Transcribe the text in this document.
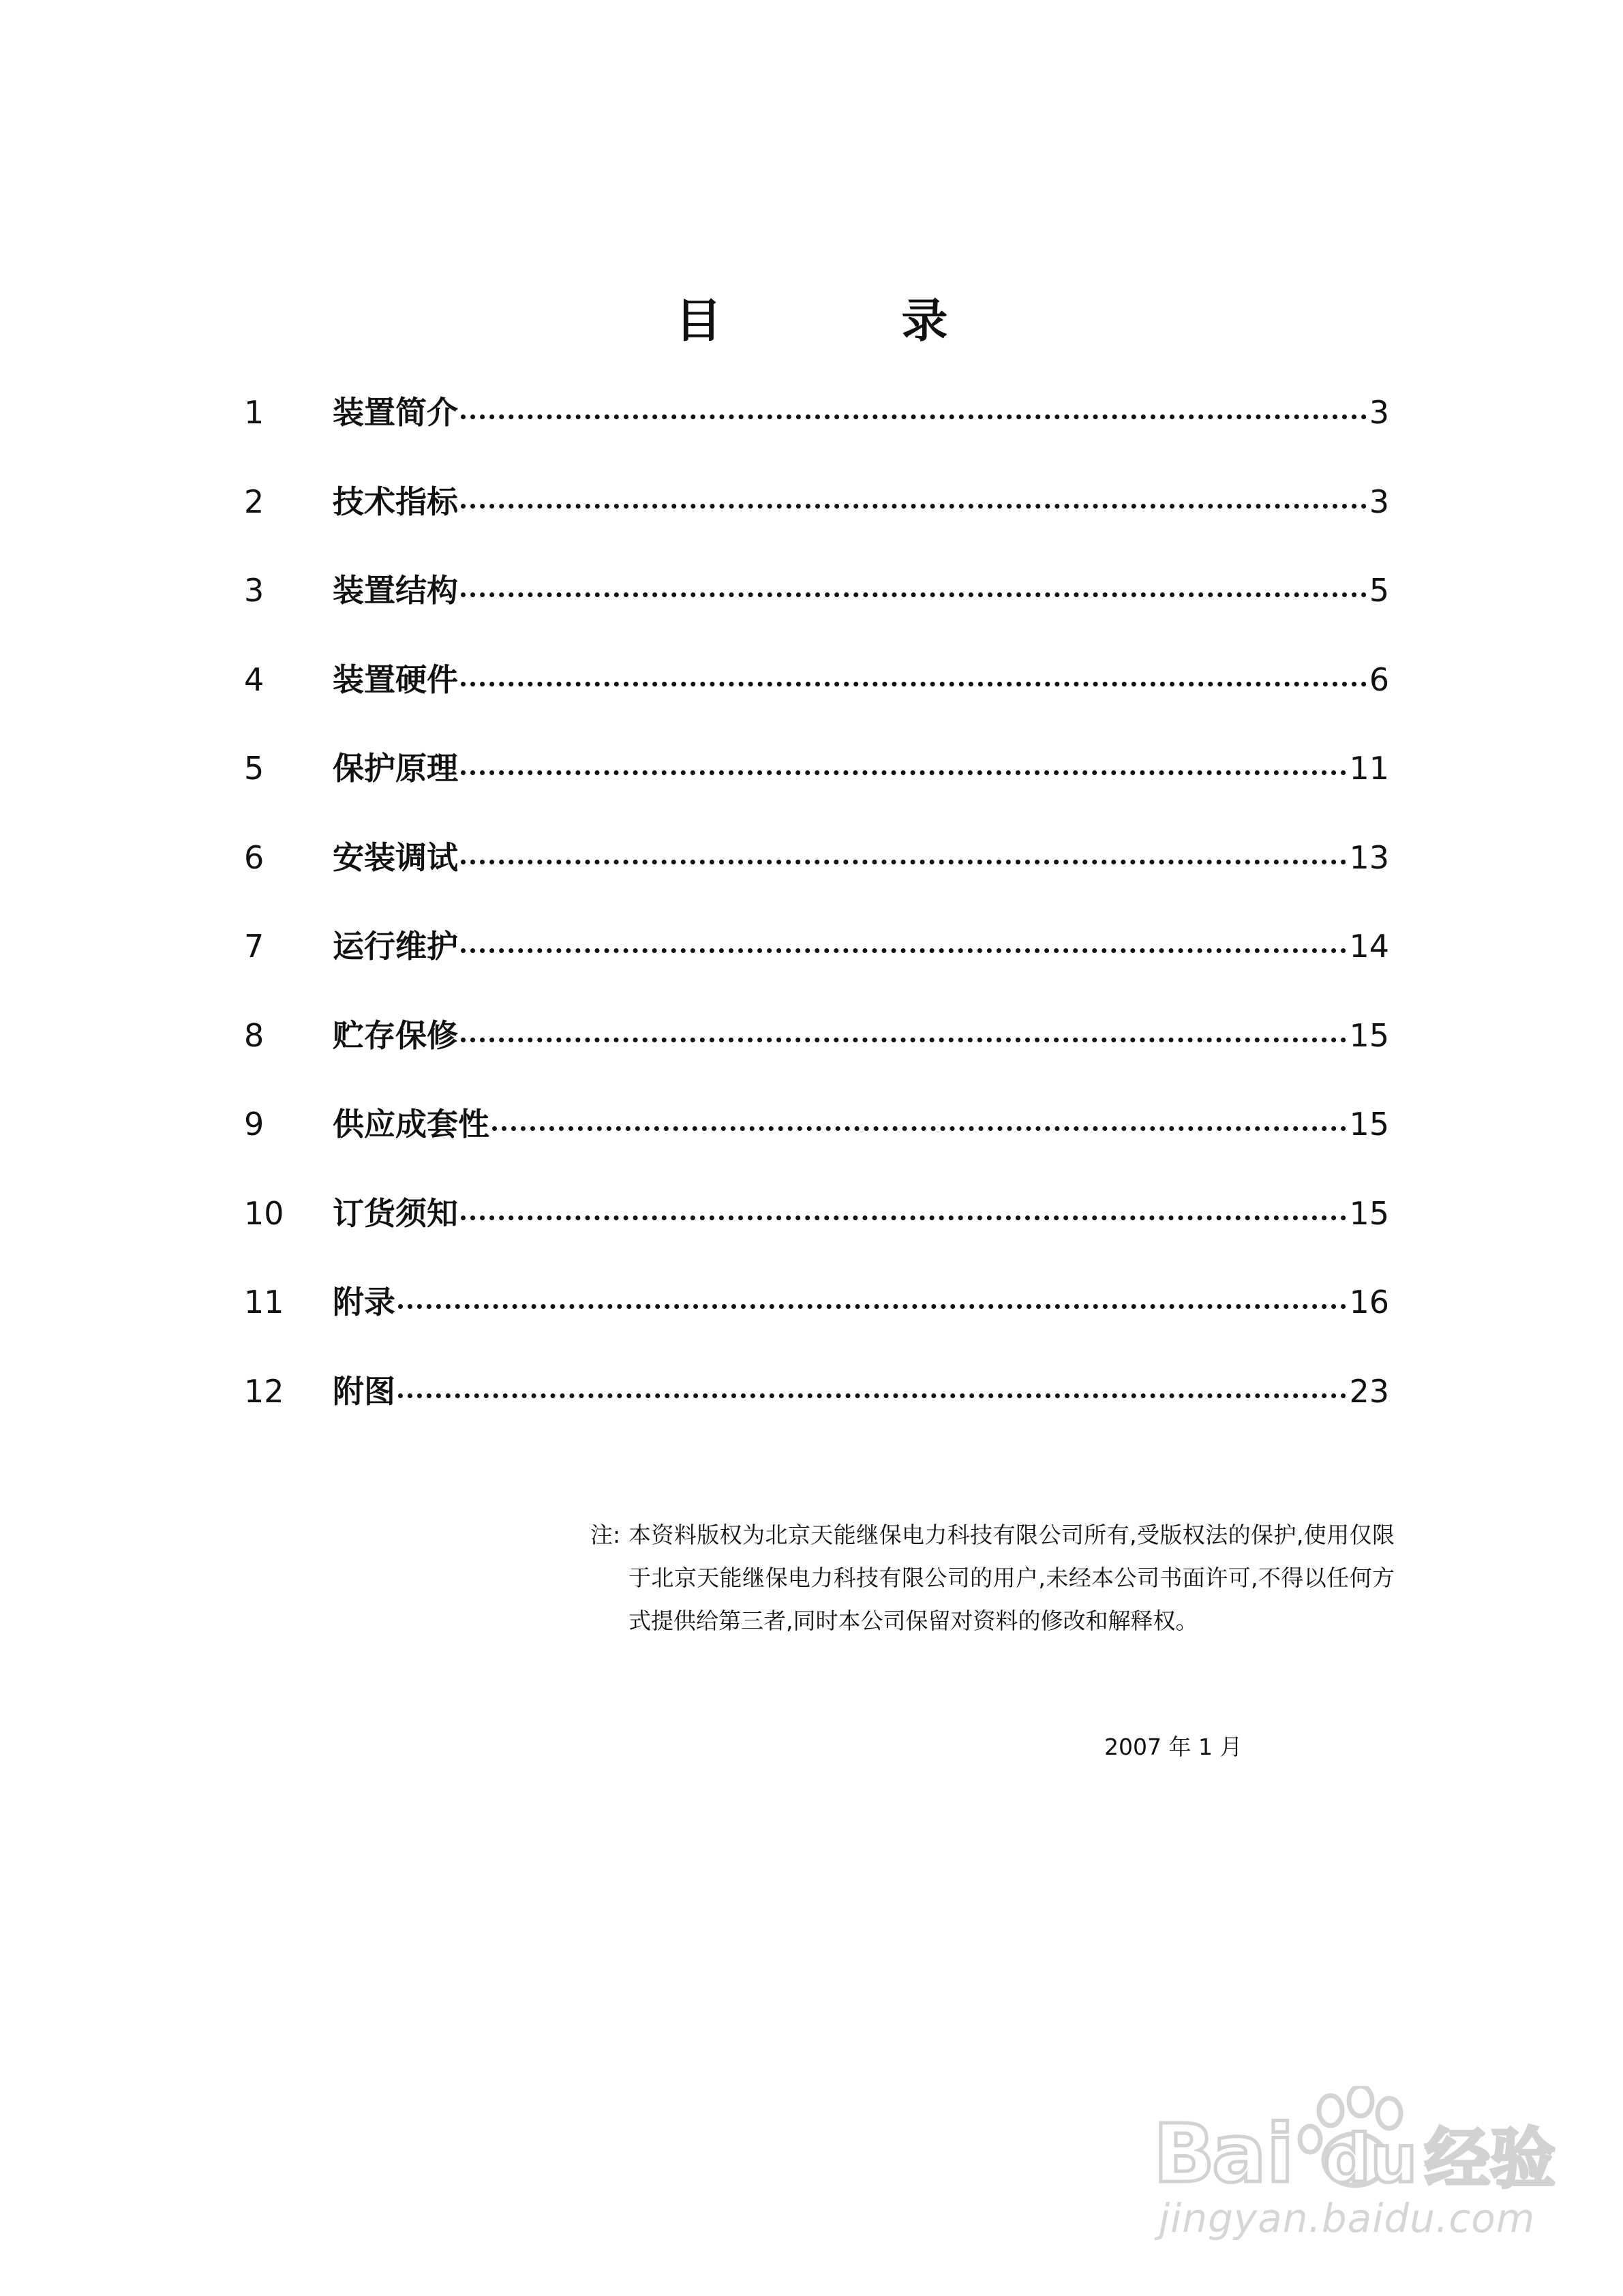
目 录
1	装置简介	3
2	技术指标	3
3	装置结构	5
4	装置硬件	6
5	保护原理	11
6	安装调试	13
7	运行维护	14
8	贮存保修	15
9	供应成套性	15
10	订货须知	15
11	附录	16
12	附图	23
注: 本资料版权为北京天能继保电力科技有限公司所有,受版权法的保护,使用仅限于北京天能继保电力科技有限公司的用户,未经本公司书面许可,不得以任何方式提供给第三者,同时本公司保留对资料的修改和解释权。
2007 年 1 月
Ba i du 经验
jingyan.baidu.com
